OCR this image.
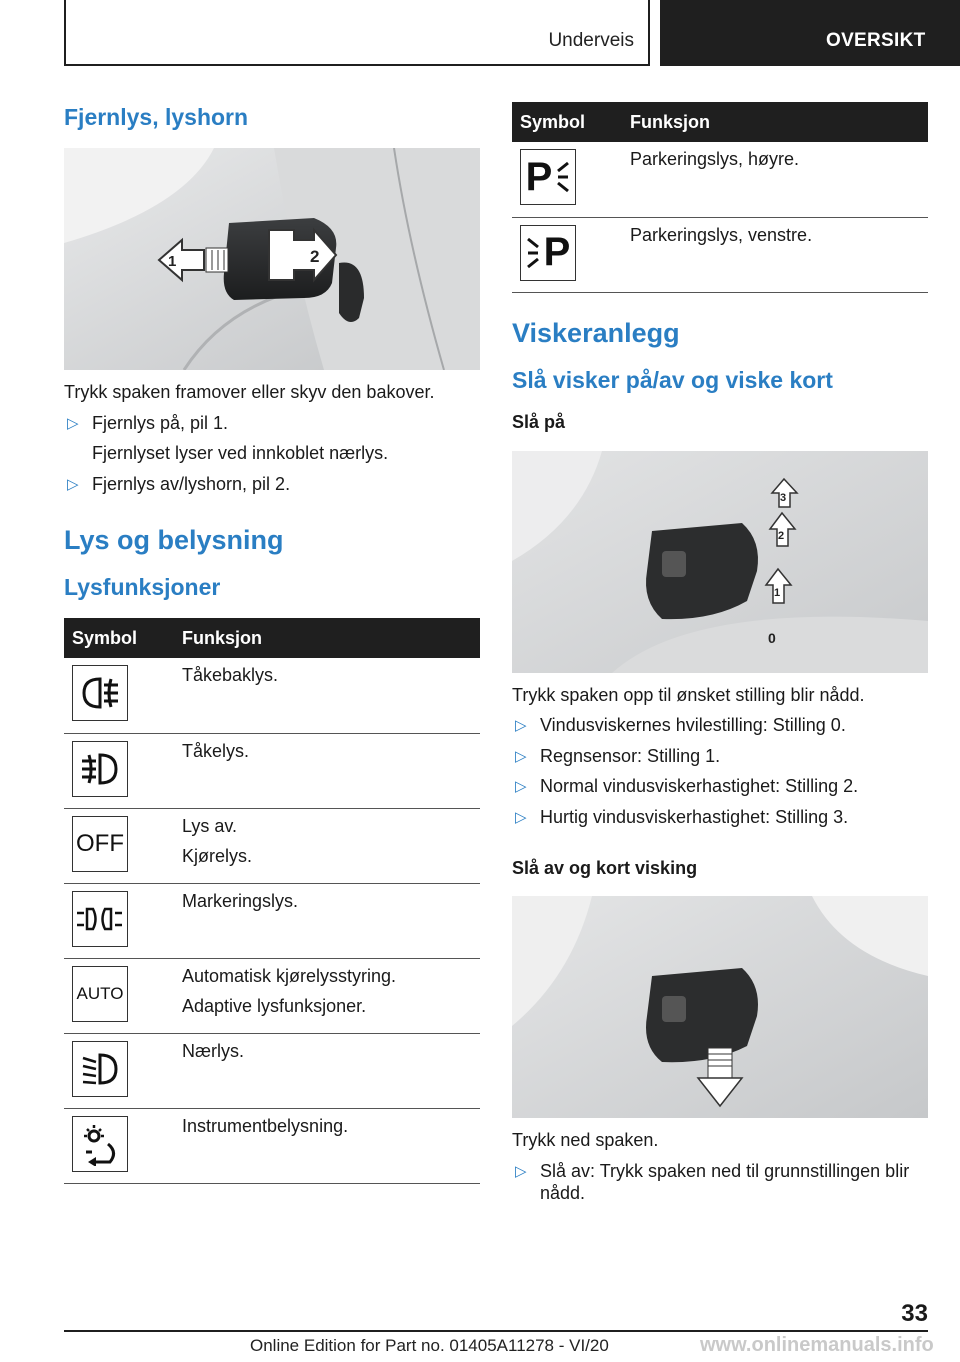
Underveis	OVERSIKT
Fjernlys, lyshorn
1	2

Trykk spaken framover eller skyv den bakover.

▷ Fjernlys på, pil 1.
Fjernlyset lyser ved innkoblet nærlys.
▷ Fjernlys av/lyshorn, pil 2.
Lys og belysning
Lysfunksjoner
Symbol	Funksjon

Tåkebaklys.

Tåkelys.

OFF	Lys av.
Kjørelys.

Markeringslys.

AUTO	Automatisk kjørelysstyring.
Adaptive lysfunksjoner.

Nærlys.

Instrumentbelysning.
Symbol	Funksjon

P	Parkeringslys, høyre.

P	Parkeringslys, venstre.
Viskeranlegg
Slå visker på/av og viske kort
Slå på
3
2
1
0

Trykk spaken opp til ønsket stilling blir nådd.

▷ Vindusviskernes hvilestilling: Stilling 0.
▷ Regnsensor: Stilling 1.
▷ Normal vindusviskerhastighet: Stilling 2.
▷ Hurtig vindusviskerhastighet: Stilling 3.
Slå av og kort visking

Trykk ned spaken.

▷ Slå av: Trykk spaken ned til grunnstillingen blir nådd.
33
Online Edition for Part no. 01405A11278 - VI/20	www.onlinemanuals.info
